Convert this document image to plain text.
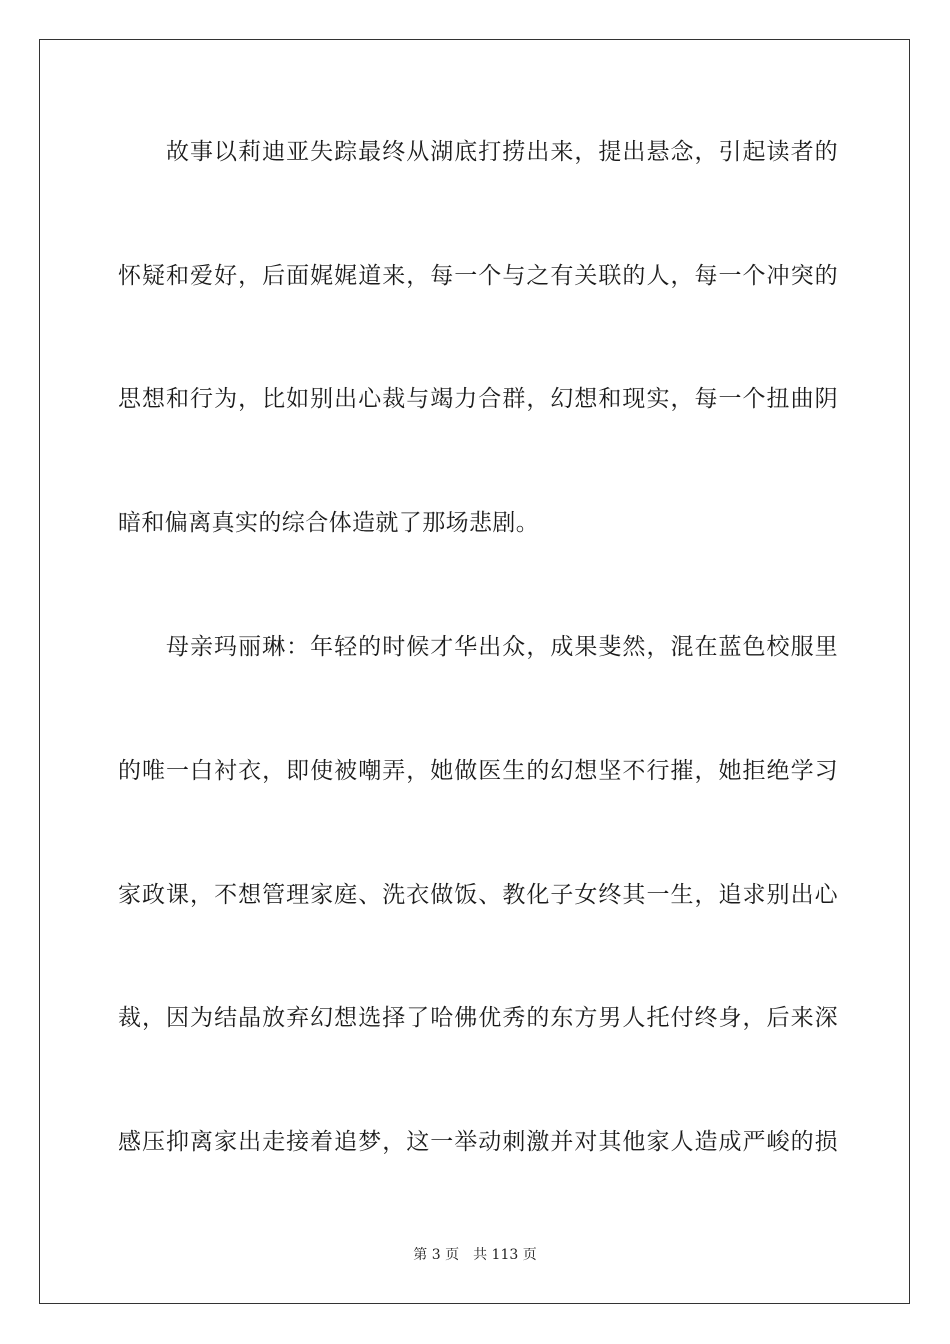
故事以莉迪亚失踪最终从湖底打捞出来，提出悬念，引起读者的
怀疑和爱好，后面娓娓道来，每一个与之有关联的人，每一个冲突的
思想和行为，比如别出心裁与竭力合群，幻想和现实，每一个扭曲阴
暗和偏离真实的综合体造就了那场悲剧。
母亲玛丽琳：年轻的时候才华出众，成果斐然，混在蓝色校服里
的唯一白衬衣，即使被嘲弄，她做医生的幻想坚不行摧，她拒绝学习
家政课，不想管理家庭、洗衣做饭、教化子女终其一生，追求别出心
裁，因为结晶放弃幻想选择了哈佛优秀的东方男人托付终身，后来深
感压抑离家出走接着追梦，这一举动刺激并对其他家人造成严峻的损
第 3 页　共 113 页
